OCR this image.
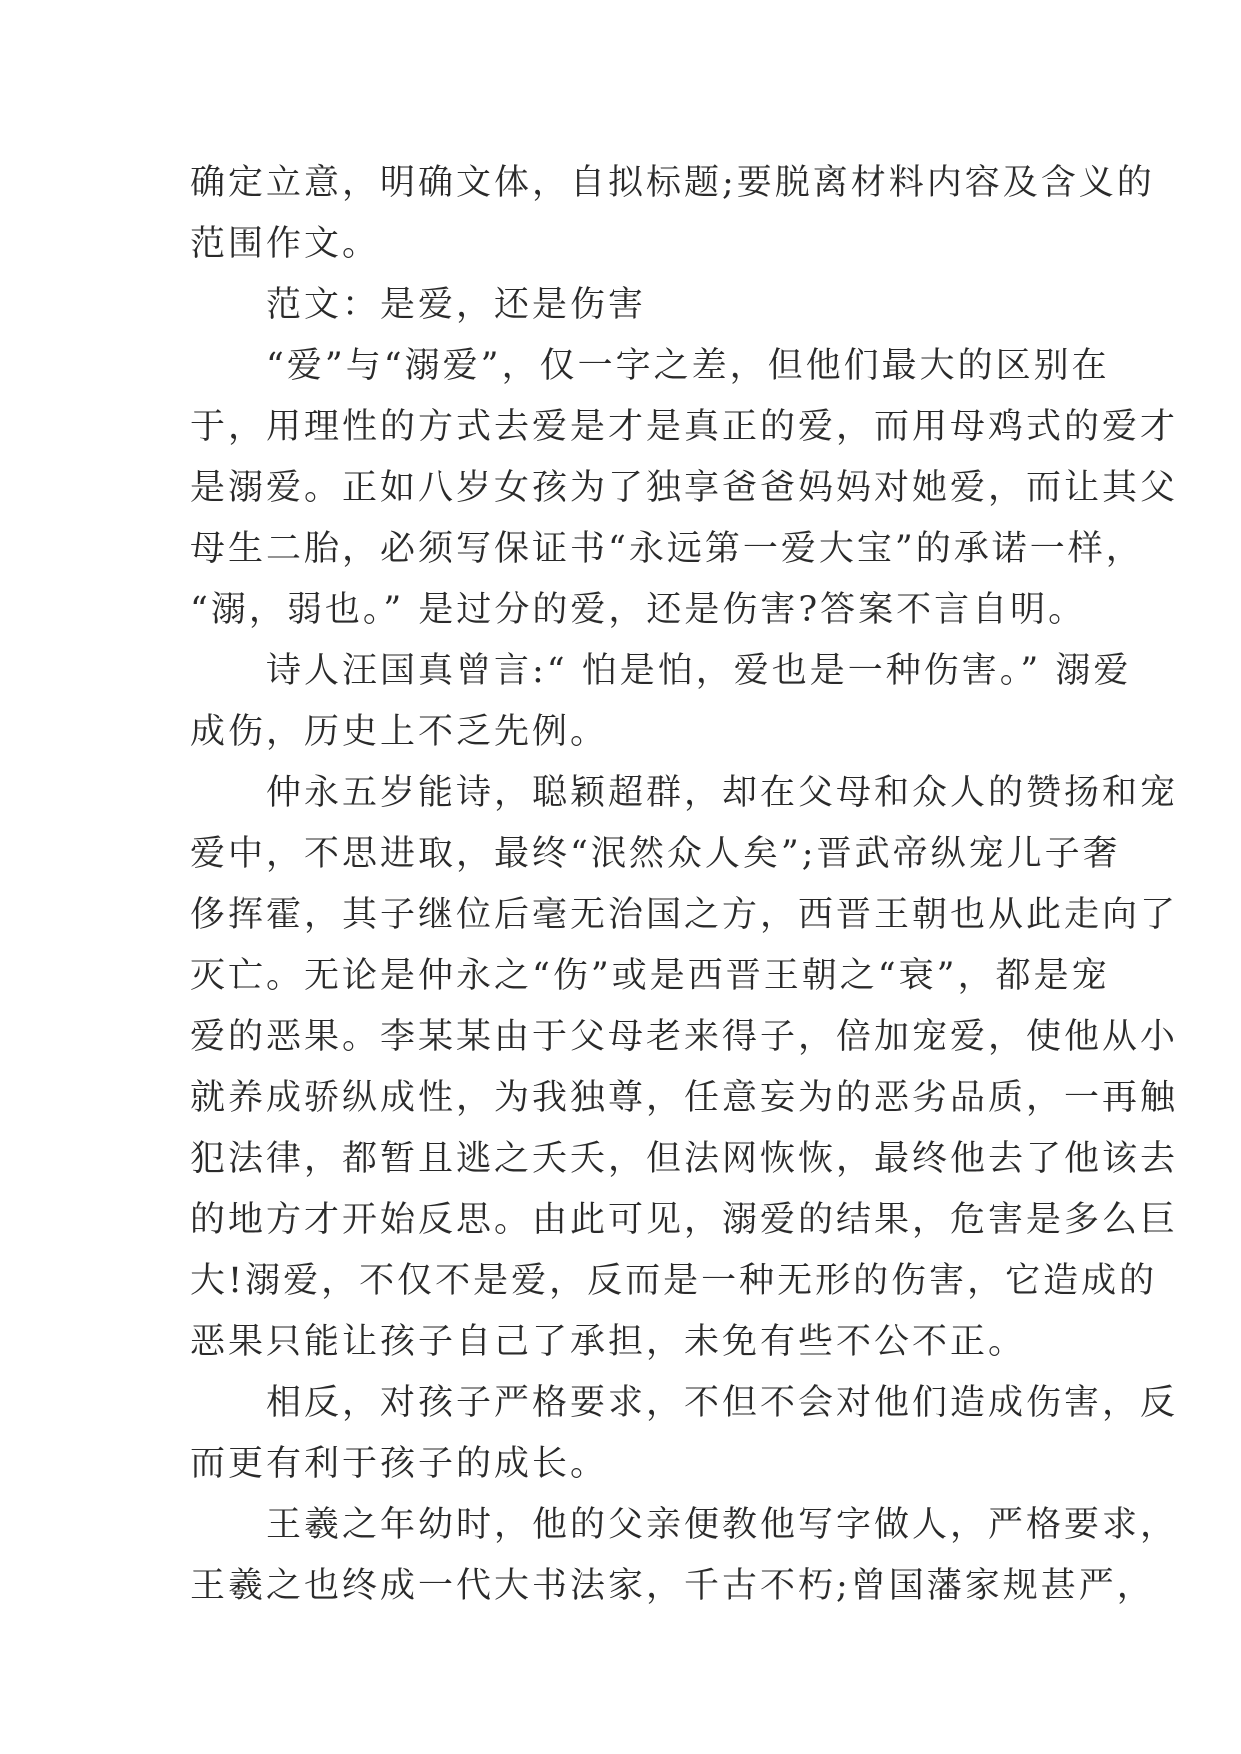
确定立意，明确文体，自拟标题;要脱离材料内容及含义的
范围作文。
　　范文：是爱，还是伤害
　　“爱”与“溺爱”，仅一字之差，但他们最大的区别在
于，用理性的方式去爱是才是真正的爱，而用母鸡式的爱才
是溺爱。正如八岁女孩为了独享爸爸妈妈对她爱，而让其父
母生二胎，必须写保证书“永远第一爱大宝”的承诺一样，
“溺，弱也。” 是过分的爱，还是伤害?答案不言自明。
　　诗人汪国真曾言:“ 怕是怕，爱也是一种伤害。” 溺爱
成伤，历史上不乏先例。
　　仲永五岁能诗，聪颖超群，却在父母和众人的赞扬和宠
爱中，不思进取，最终“泯然众人矣”;晋武帝纵宠儿子奢
侈挥霍，其子继位后毫无治国之方，西晋王朝也从此走向了
灭亡。无论是仲永之“伤”或是西晋王朝之“衰”，都是宠
爱的恶果。李某某由于父母老来得子，倍加宠爱，使他从小
就养成骄纵成性，为我独尊，任意妄为的恶劣品质，一再触
犯法律，都暂且逃之夭夭，但法网恢恢，最终他去了他该去
的地方才开始反思。由此可见，溺爱的结果，危害是多么巨
大!溺爱，不仅不是爱，反而是一种无形的伤害，它造成的
恶果只能让孩子自己了承担，未免有些不公不正。
　　相反，对孩子严格要求，不但不会对他们造成伤害，反
而更有利于孩子的成长。
　　王羲之年幼时，他的父亲便教他写字做人，严格要求，
王羲之也终成一代大书法家，千古不朽;曾国藩家规甚严，
